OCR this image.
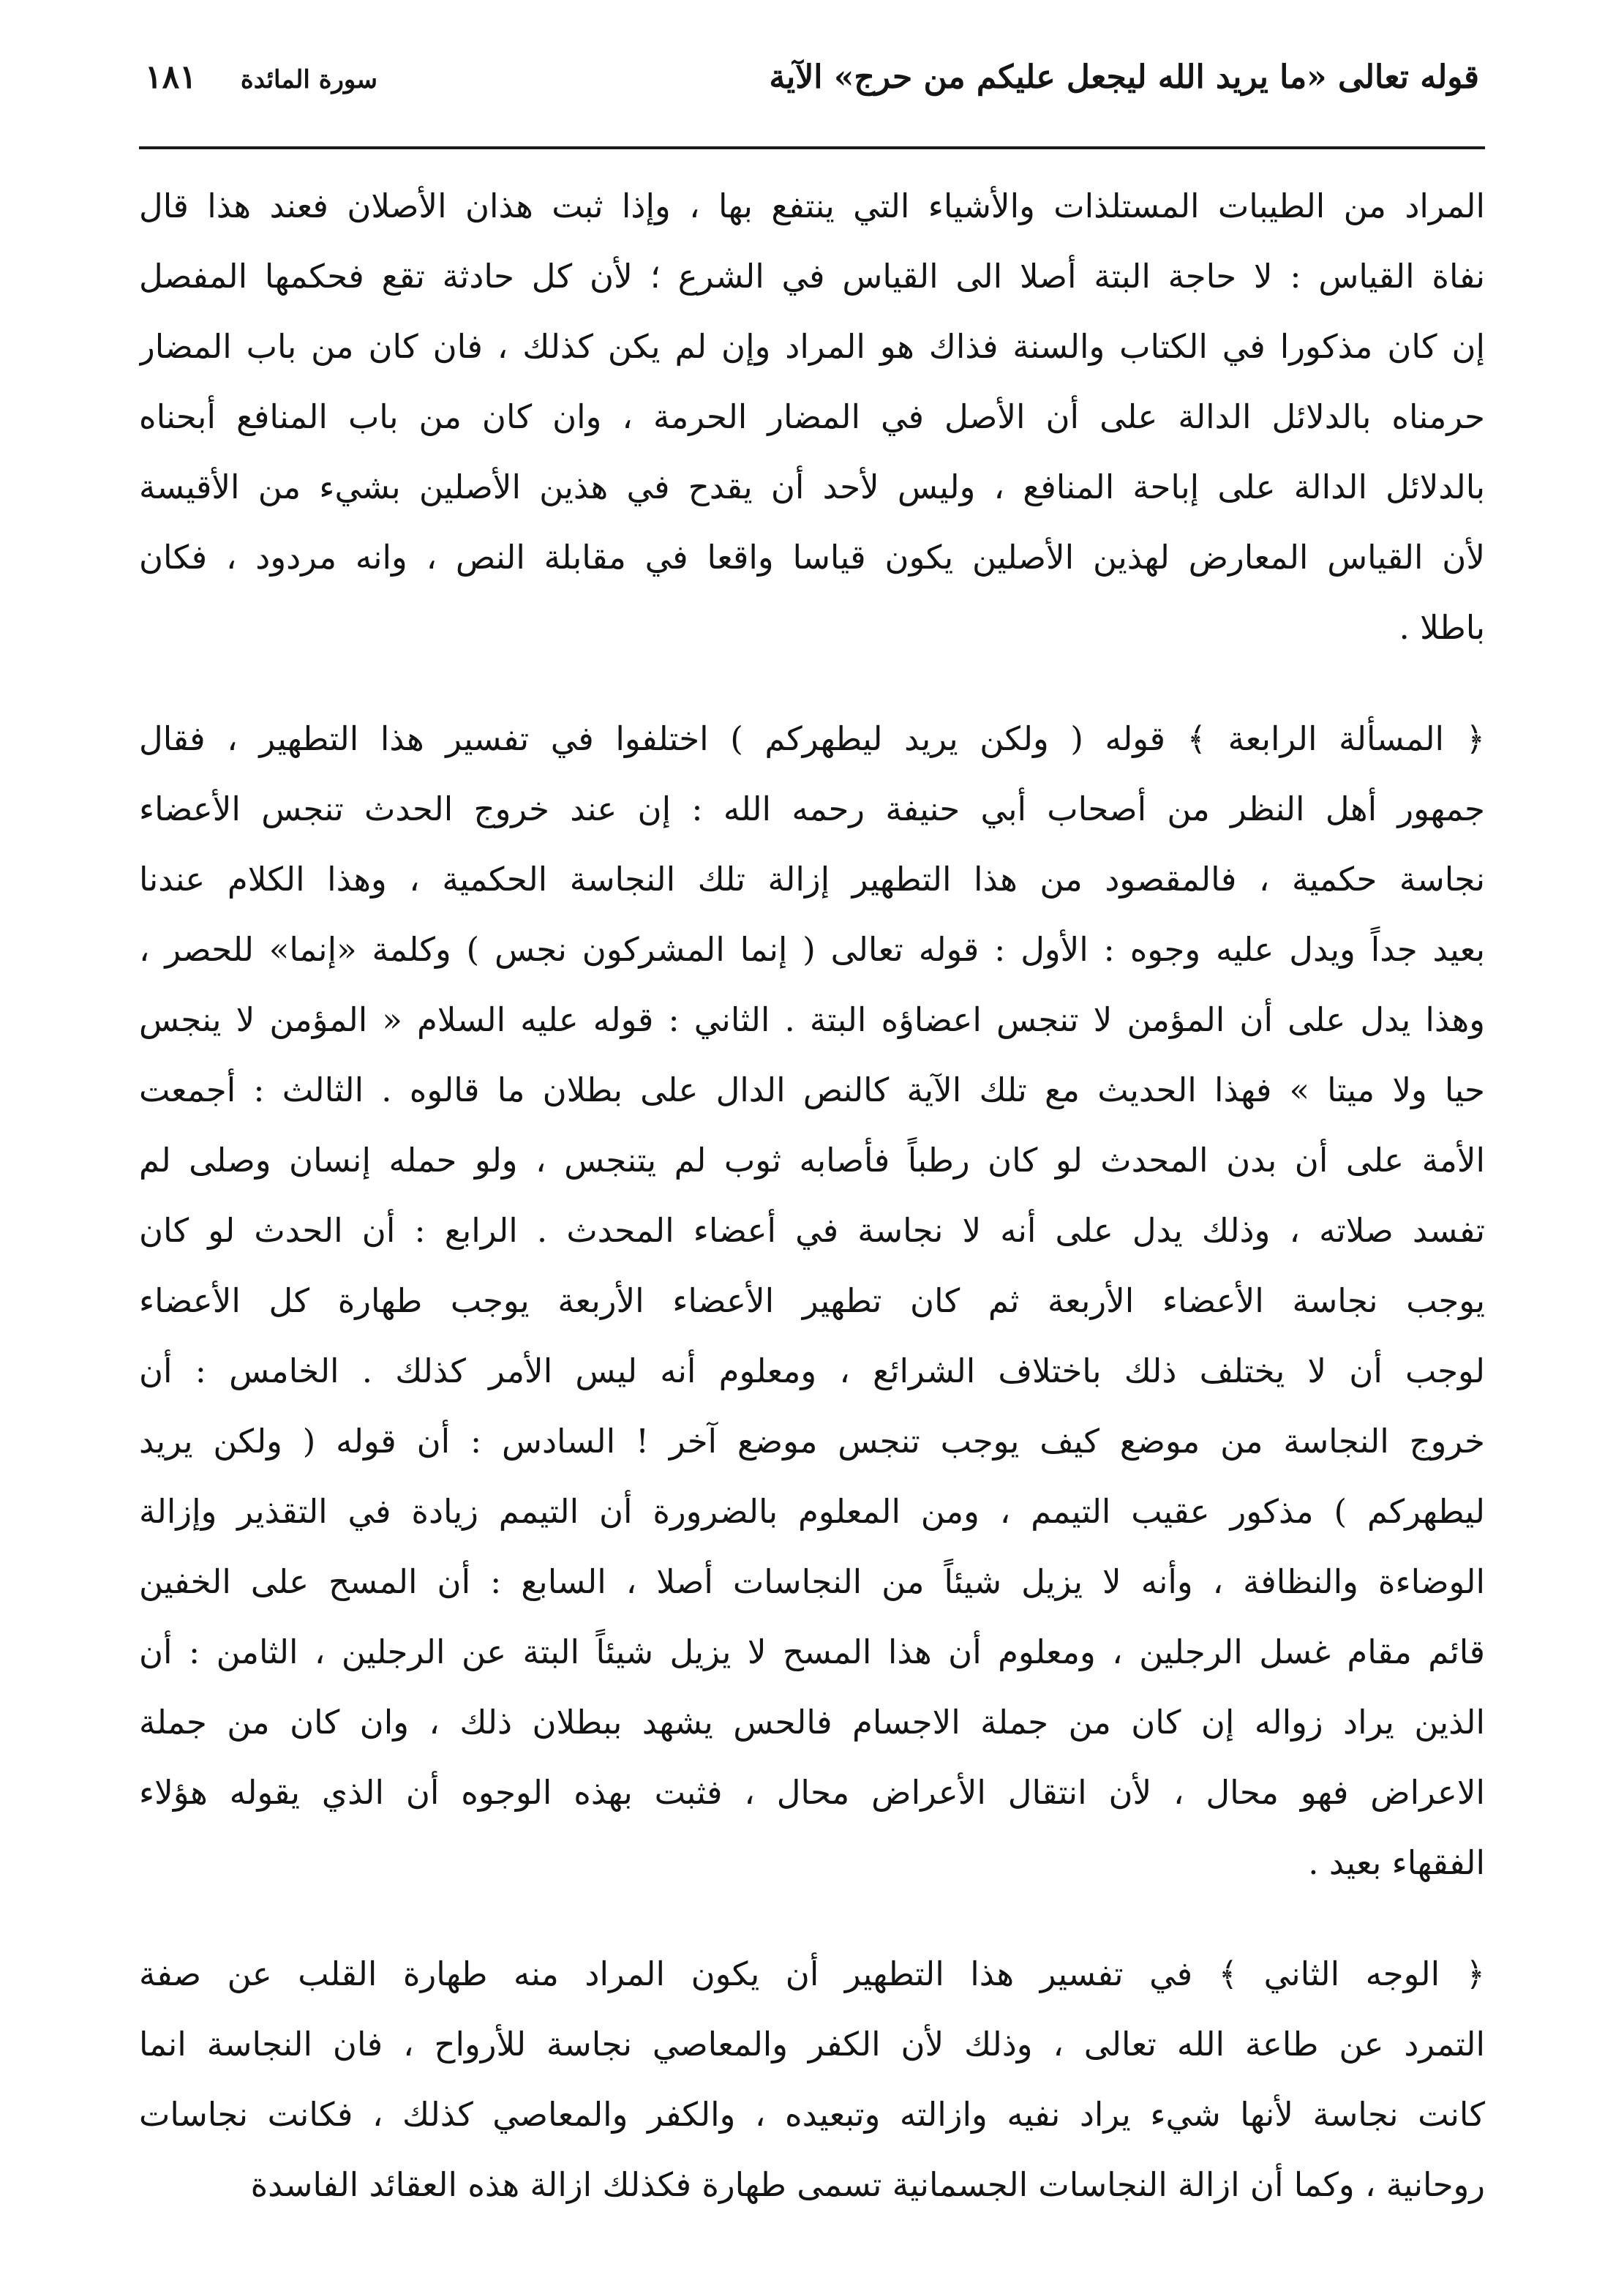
قوله تعالى «ما يريد الله ليجعل عليكم من حرج» الآية
سورة المائدة
١٨١

المراد من الطيبات المستلذات والأشياء التي ينتفع بها ، وإذا ثبت هذان الأصلان فعند هذا قال
نفاة القياس : لا حاجة البتة أصلا الى القياس في الشرع ؛ لأن كل حادثة تقع فحكمها المفصل
إن كان مذكورا في الكتاب والسنة فذاك هو المراد وإن لم يكن كذلك ، فان كان من باب المضار
حرمناه بالدلائل الدالة على أن الأصل في المضار الحرمة ، وان كان من باب المنافع أبحناه
بالدلائل الدالة على إباحة المنافع ، وليس لأحد أن يقدح في هذين الأصلين بشيء من الأقيسة
لأن القياس المعارض لهذين الأصلين يكون قياسا واقعا في مقابلة النص ، وانه مردود ، فكان
باطلا .

﴿ المسألة الرابعة ﴾ قوله ( ولكن يريد ليطهركم ) اختلفوا في تفسير هذا التطهير ، فقال
جمهور أهل النظر من أصحاب أبي حنيفة رحمه الله : إن عند خروج الحدث تنجس الأعضاء
نجاسة حكمية ، فالمقصود من هذا التطهير إزالة تلك النجاسة الحكمية ، وهذا الكلام عندنا
بعيد جداً ويدل عليه وجوه : الأول : قوله تعالى ( إنما المشركون نجس ) وكلمة «إنما» للحصر ،
وهذا يدل على أن المؤمن لا تنجس اعضاؤه البتة . الثاني : قوله عليه السلام « المؤمن لا ينجس
حيا ولا ميتا » فهذا الحديث مع تلك الآية كالنص الدال على بطلان ما قالوه . الثالث : أجمعت
الأمة على أن بدن المحدث لو كان رطباً فأصابه ثوب لم يتنجس ، ولو حمله إنسان وصلى لم
تفسد صلاته ، وذلك يدل على أنه لا نجاسة في أعضاء المحدث . الرابع : أن الحدث لو كان
يوجب نجاسة الأعضاء الأربعة ثم كان تطهير الأعضاء الأربعة يوجب طهارة كل الأعضاء
لوجب أن لا يختلف ذلك باختلاف الشرائع ، ومعلوم أنه ليس الأمر كذلك . الخامس : أن
خروج النجاسة من موضع كيف يوجب تنجس موضع آخر ! السادس : أن قوله ( ولكن يريد
ليطهركم ) مذكور عقيب التيمم ، ومن المعلوم بالضرورة أن التيمم زيادة في التقذير وإزالة
الوضاءة والنظافة ، وأنه لا يزيل شيئاً من النجاسات أصلا ، السابع : أن المسح على الخفين
قائم مقام غسل الرجلين ، ومعلوم أن هذا المسح لا يزيل شيئاً البتة عن الرجلين ، الثامن : أن
الذين يراد زواله إن كان من جملة الاجسام فالحس يشهد ببطلان ذلك ، وان كان من جملة
الاعراض فهو محال ، لأن انتقال الأعراض محال ، فثبت بهذه الوجوه أن الذي يقوله هؤلاء
الفقهاء بعيد .

﴿ الوجه الثاني ﴾ في تفسير هذا التطهير أن يكون المراد منه طهارة القلب عن صفة
التمرد عن طاعة الله تعالى ، وذلك لأن الكفر والمعاصي نجاسة للأرواح ، فان النجاسة انما
كانت نجاسة لأنها شيء يراد نفيه وازالته وتبعيده ، والكفر والمعاصي كذلك ، فكانت نجاسات
روحانية ، وكما أن ازالة النجاسات الجسمانية تسمى طهارة فكذلك ازالة هذه العقائد الفاسدة
